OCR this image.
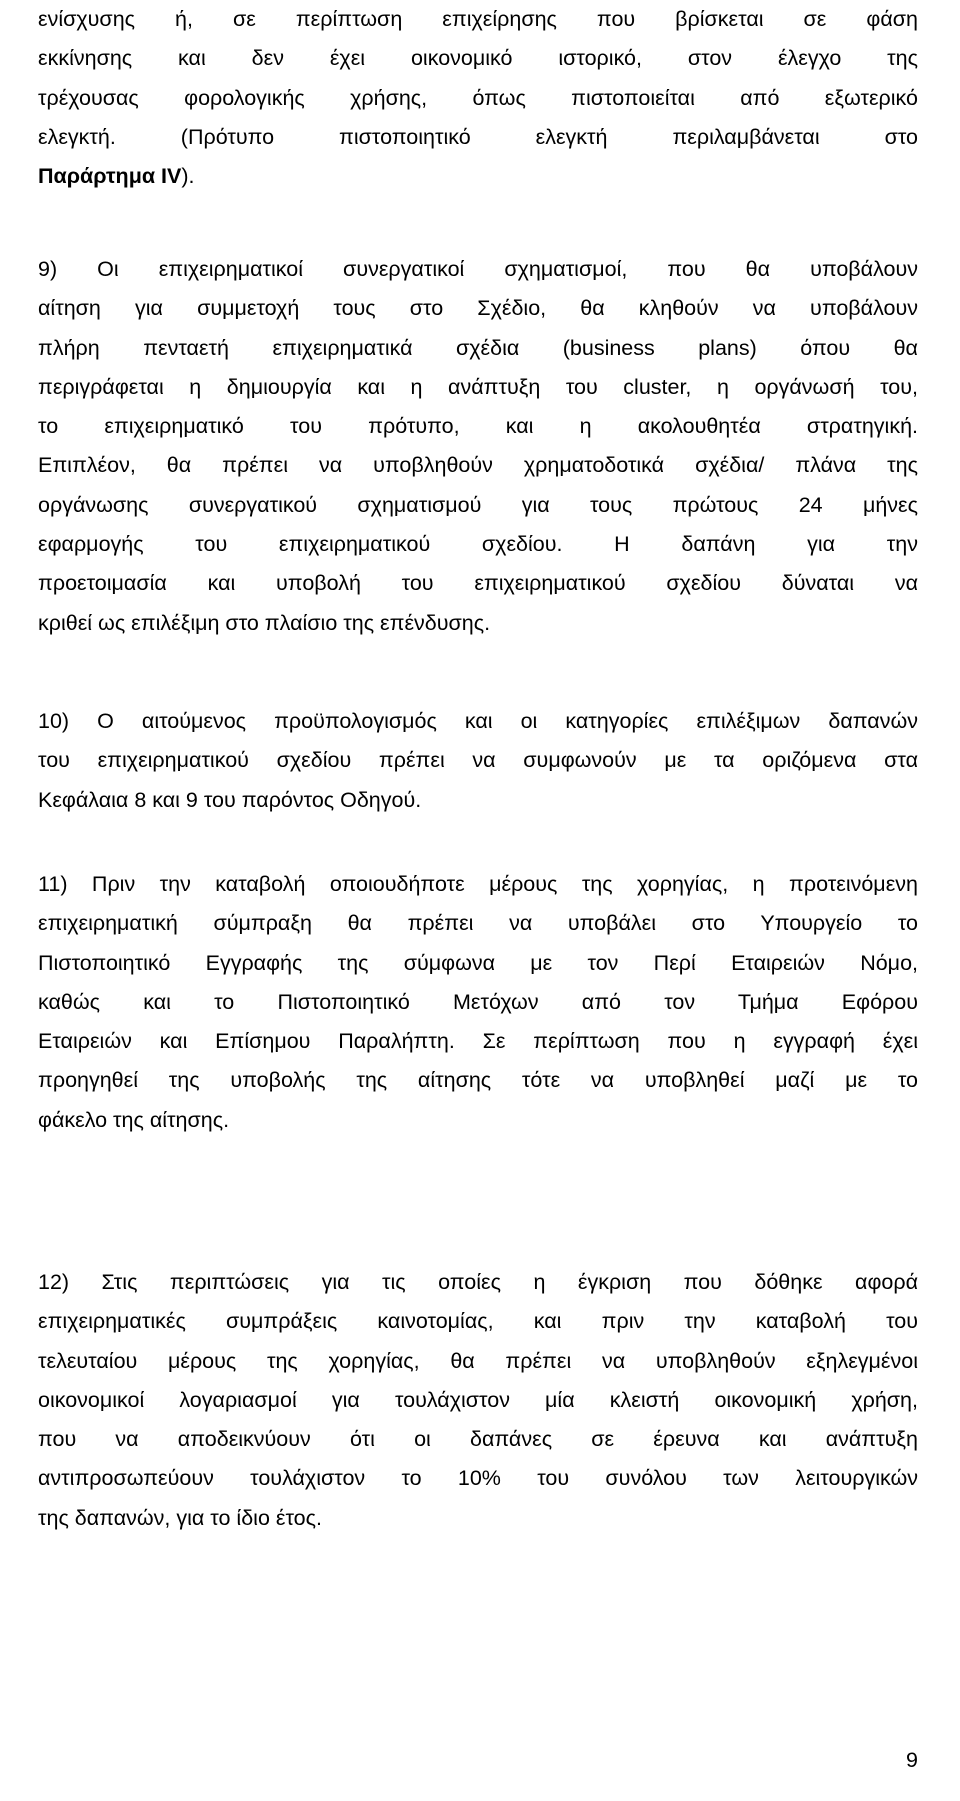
ενίσχυσης ή, σε περίπτωση επιχείρησης που βρίσκεται σε φάση
εκκίνησης και δεν έχει οικονομικό ιστορικό, στον έλεγχο της
τρέχουσας φορολογικής χρήσης, όπως πιστοποιείται από εξωτερικό
ελεγκτή. (Πρότυπο πιστοποιητικό ελεγκτή περιλαμβάνεται στο
Παράρτημα IV).
9) Οι επιχειρηματικοί συνεργατικοί σχηματισμοί, που θα υποβάλουν
αίτηση για συμμετοχή τους στο Σχέδιο, θα κληθούν να υποβάλουν
πλήρη πενταετή επιχειρηματικά σχέδια (business plans) όπου θα
περιγράφεται η δημιουργία και η ανάπτυξη του cluster, η οργάνωσή του,
το επιχειρηματικό του πρότυπο, και η ακολουθητέα στρατηγική.
Επιπλέον, θα πρέπει να υποβληθούν χρηματοδοτικά σχέδια/ πλάνα της
οργάνωσης συνεργατικού σχηματισμού για τους πρώτους 24 μήνες
εφαρμογής του επιχειρηματικού σχεδίου. Η δαπάνη για την
προετοιμασία και υποβολή του επιχειρηματικού σχεδίου δύναται να
κριθεί ως επιλέξιμη στο πλαίσιο της επένδυσης.
10) Ο αιτούμενος προϋπολογισμός και οι κατηγορίες επιλέξιμων δαπανών
του επιχειρηματικού σχεδίου πρέπει να συμφωνούν με τα οριζόμενα στα
Κεφάλαια 8 και 9 του παρόντος Οδηγού.
11) Πριν την καταβολή οποιουδήποτε μέρους της χορηγίας, η προτεινόμενη
επιχειρηματική σύμπραξη θα πρέπει να υποβάλει στο Υπουργείο το
Πιστοποιητικό Εγγραφής της σύμφωνα με τον Περί Εταιρειών Νόμο,
καθώς και το Πιστοποιητικό Μετόχων από τον Τμήμα Εφόρου
Εταιρειών και Επίσημου Παραλήπτη. Σε περίπτωση που η εγγραφή έχει
προηγηθεί της υποβολής της αίτησης τότε να υποβληθεί μαζί με το
φάκελο της αίτησης.
12) Στις περιπτώσεις για τις οποίες η έγκριση που δόθηκε αφορά
επιχειρηματικές συμπράξεις καινοτομίας, και πριν την καταβολή του
τελευταίου μέρους της χορηγίας, θα πρέπει να υποβληθούν εξηλεγμένοι
οικονομικοί λογαριασμοί για τουλάχιστον μία κλειστή οικονομική χρήση,
που να αποδεικνύουν ότι οι δαπάνες σε έρευνα και ανάπτυξη
αντιπροσωπεύουν τουλάχιστον το 10% του συνόλου των λειτουργικών
της δαπανών, για το ίδιο έτος.
9
